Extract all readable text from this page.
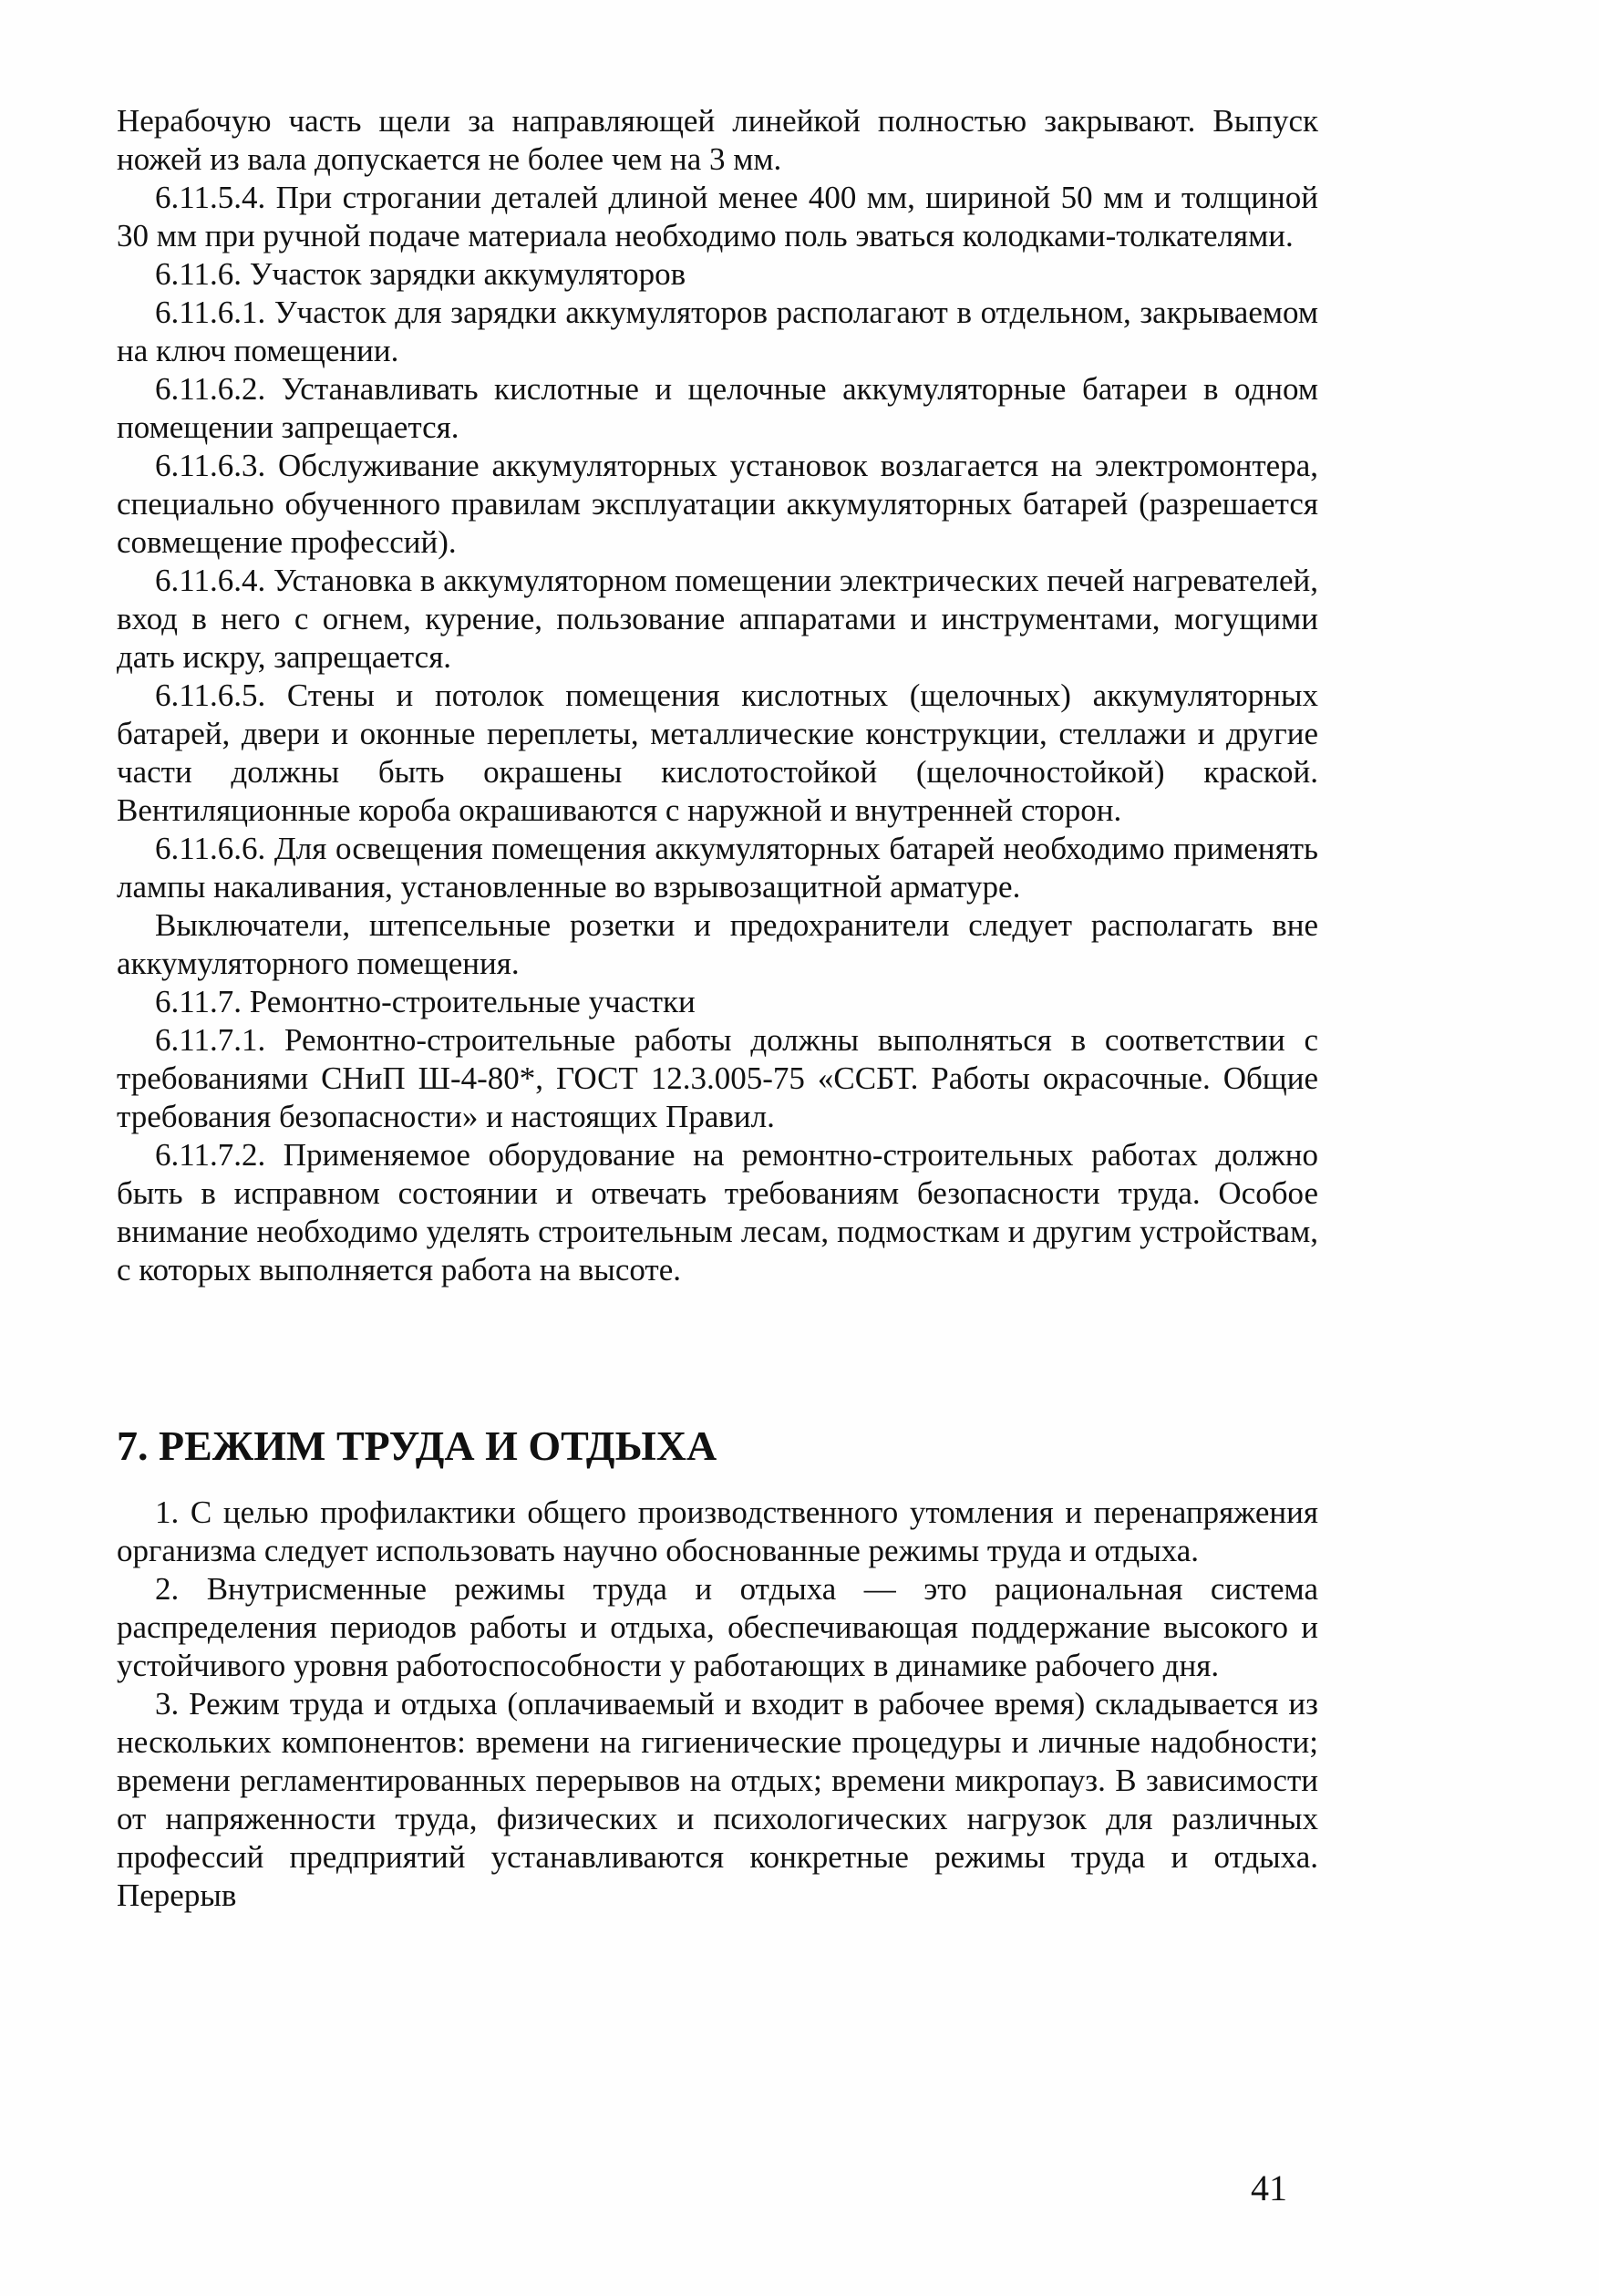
Нерабочую часть щели за направляющей линейкой полностью закрывают. Выпуск ножей из вала допускается не более чем на 3 мм.

6.11.5.4. При строгании деталей длиной менее 400 мм, шириной 50 мм и толщиной 30 мм при ручной подаче материала необходимо поль эваться колодками-толкателями.

6.11.6. Участок зарядки аккумуляторов

6.11.6.1. Участок для зарядки аккумуляторов располагают в отдельном, закрываемом на ключ помещении.

6.11.6.2. Устанавливать кислотные и щелочные аккумуляторные батареи в одном помещении запрещается.

6.11.6.3. Обслуживание аккумуляторных установок возлагается на электромонтера, специально обученного правилам эксплуатации аккумуляторных батарей (разрешается совмещение профессий).

6.11.6.4. Установка в аккумуляторном помещении электрических печей нагревателей, вход в него с огнем, курение, пользование аппаратами и инструментами, могущими дать искру, запрещается.

6.11.6.5. Стены и потолок помещения кислотных (щелочных) аккумуляторных батарей, двери и оконные переплеты, металлические конструкции, стеллажи и другие части должны быть окрашены кислотостойкой (щелочностойкой) краской. Вентиляционные короба окрашиваются с наружной и внутренней сторон.

6.11.6.6. Для освещения помещения аккумуляторных батарей необходимо применять лампы накаливания, установленные во взрывозащитной арматуре.

Выключатели, штепсельные розетки и предохранители следует располагать вне аккумуляторного помещения.

6.11.7. Ремонтно-строительные участки

6.11.7.1. Ремонтно-строительные работы должны выполняться в соответствии с требованиями СНиП Ш-4-80*, ГОСТ 12.3.005-75 «ССБТ. Работы окрасочные. Общие требования безопасности» и настоящих Правил.

6.11.7.2. Применяемое оборудование на ремонтно-строительных работах должно быть в исправном состоянии и отвечать требованиям безопасности труда. Особое внимание необходимо уделять строительным лесам, подмосткам и другим устройствам, с которых выполняется работа на высоте.

7. РЕЖИМ ТРУДА И ОТДЫХА

1. С целью профилактики общего производственного утомления и перенапряжения организма следует использовать научно обоснованные режимы труда и отдыха.

2. Внутрисменные режимы труда и отдыха — это рациональная система распределения периодов работы и отдыха, обеспечивающая поддержание высокого и устойчивого уровня работоспособности у работающих в динамике рабочего дня.

3. Режим труда и отдыха (оплачиваемый и входит в рабочее время) складывается из нескольких компонентов: времени на гигиенические процедуры и личные надобности; времени регламентированных перерывов на отдых; времени микропауз. В зависимости от напряженности труда, физических и психологических нагрузок для различных профессий предприятий устанавливаются конкретные режимы труда и отдыха. Перерыв

41
